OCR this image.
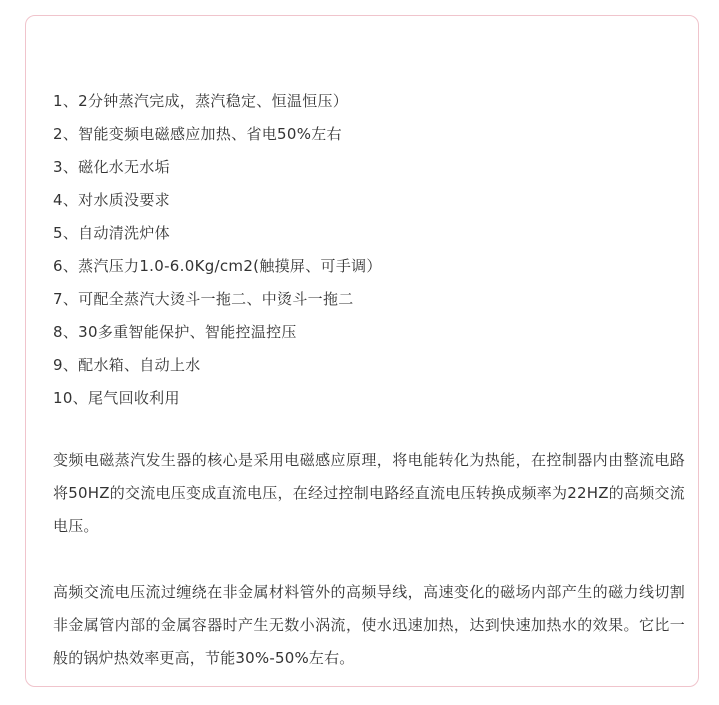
1、2分钟蒸汽完成，蒸汽稳定、恒温恒压）
2、智能变频电磁感应加热、省电50%左右
3、磁化水无水垢
4、对水质没要求
5、自动清洗炉体
6、蒸汽压力1.0-6.0Kg/cm2(触摸屏、可手调）
7、可配全蒸汽大烫斗一拖二、中烫斗一拖二
8、30多重智能保护、智能控温控压
9、配水箱、自动上水
10、尾气回收利用

变频电磁蒸汽发生器的核心是采用电磁感应原理，将电能转化为热能，在控制器内由整流电路将50HZ的交流电压变成直流电压，在经过控制电路经直流电压转换成频率为22HZ的高频交流电压。

高频交流电压流过缠绕在非金属材料管外的高频导线，高速变化的磁场内部产生的磁力线切割非金属管内部的金属容器时产生无数小涡流，使水迅速加热，达到快速加热水的效果。它比一般的锅炉热效率更高，节能30%-50%左右。
